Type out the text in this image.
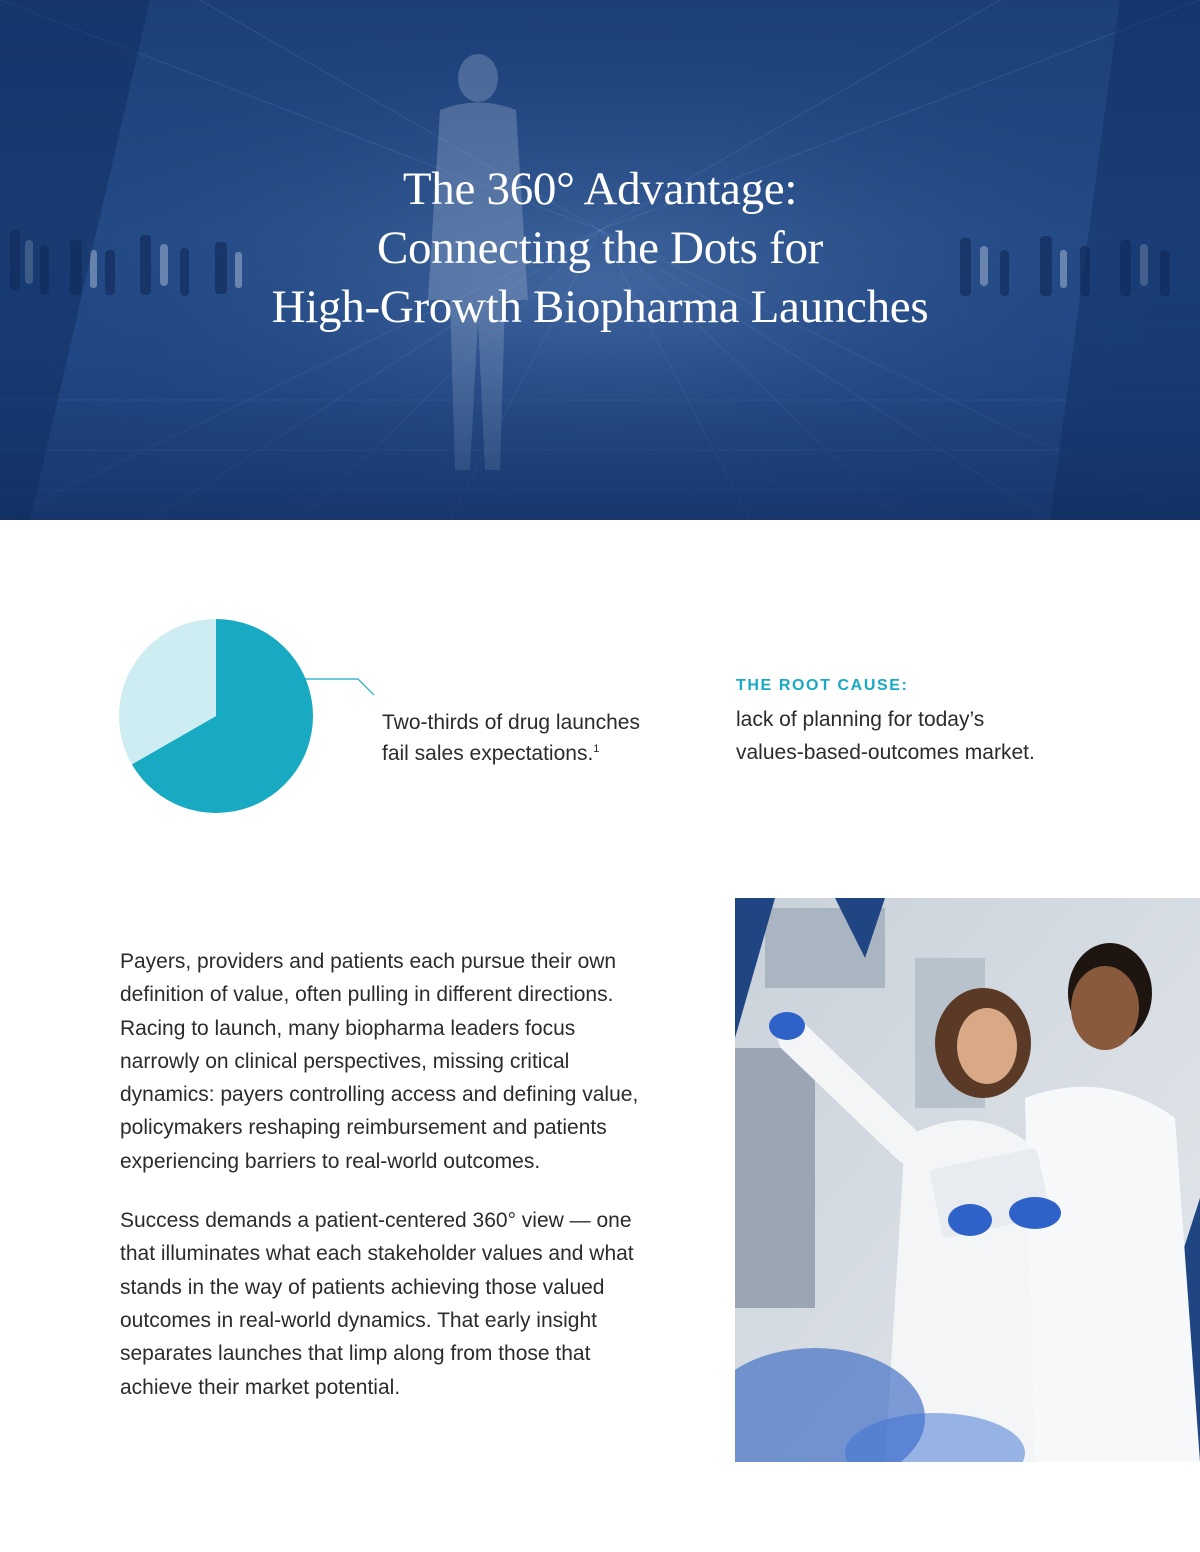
The 360° Advantage:
Connecting the Dots for
High-Growth Biopharma Launches

Two-thirds of drug launches
fail sales expectations.$^1$

THE ROOT CAUSE:

lack of planning for today’s
values-based-outcomes market.

Payers, providers and patients each pursue their own
definition of value, often pulling in different directions.
Racing to launch, many biopharma leaders focus
narrowly on clinical perspectives, missing critical
dynamics: payers controlling access and defining value,
policymakers reshaping reimbursement and patients
experiencing barriers to real-world outcomes.

Success demands a patient-centered 360° view — one
that illuminates what each stakeholder values and what
stands in the way of patients achieving those valued
outcomes in real-world dynamics. That early insight
separates launches that limp along from those that
achieve their market potential.
